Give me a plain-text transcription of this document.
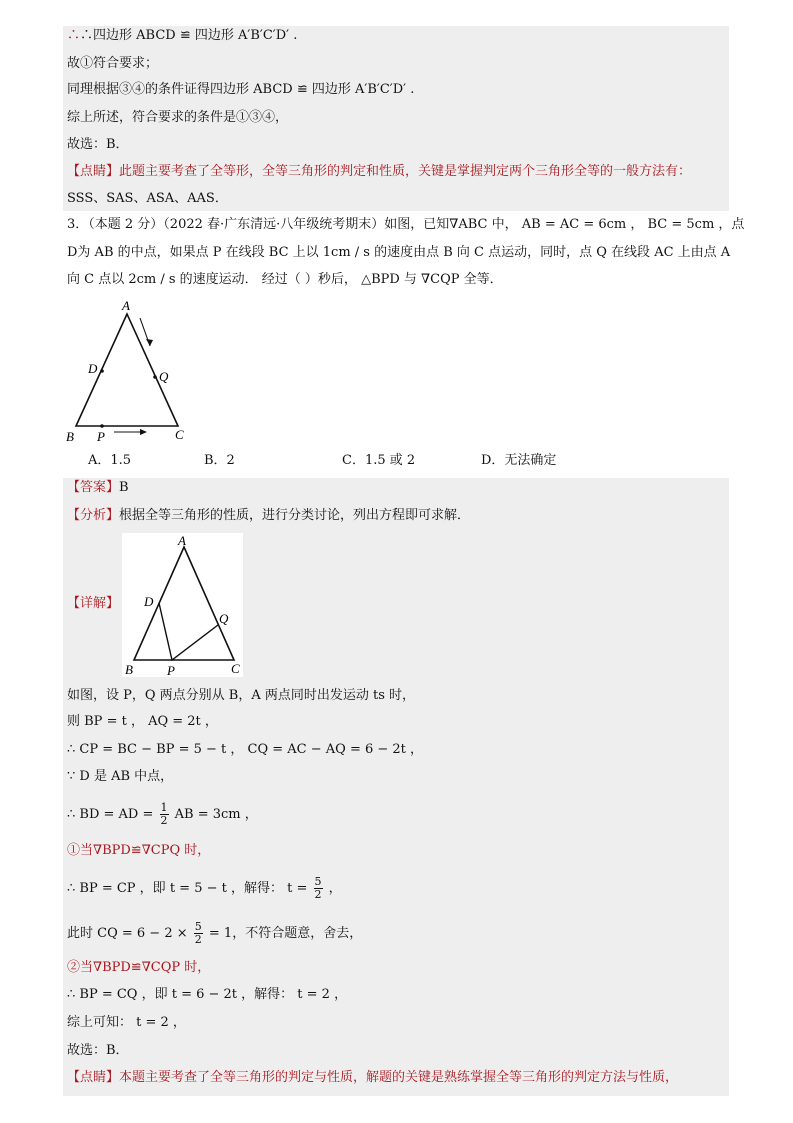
∴∴四边形 ABCD ≌ 四边形 A′B′C′D′ .
故①符合要求；
同理根据③④的条件证得四边形 ABCD ≌ 四边形 A′B′C′D′ .
综上所述，符合要求的条件是①③④，
故选：B．
【点睛】此题主要考查了全等形，全等三角形的判定和性质，关键是掌握判定两个三角形全等的一般方法有：
SSS、SAS、ASA、AAS．
3．（本题 2 分）（2022 春·广东清远·八年级统考期末）如图，已知∇ABC 中， AB = AC = 6cm ， BC = 5cm ，点
D为 AB 的中点，如果点 P 在线段 BC 上以 1cm / s 的速度由点 B 向 C 点运动，同时，点 Q 在线段 AC 上由点 A
向 C 点以 2cm / s 的速度运动． 经过（ ）秒后， △BPD 与 ∇CQP 全等．
A
D
Q
B P	C
A．1.5	B．2	C．1.5 或 2	D．无法确定
【答案】B
【分析】根据全等三角形的性质，进行分类讨论，列出方程即可求解．
【详解】
A
D
Q
B	P	C
如图，设 P，Q 两点分别从 B，A 两点同时出发运动 ts 时，
则 BP = t ， AQ = 2t ，
∴ CP = BC − BP = 5 − t ， CQ = AC − AQ = 6 − 2t ，
∵ D 是 AB 中点，
∴ BD = AD = $\frac{1}{2}$ AB = 3cm ，
①当∇BPD≌∇CPQ 时，
∴ BP = CP ，即 t = 5 − t ，解得： $t = \frac{5}{2}$ ，
此时 CQ = $6 - 2 \times \frac{5}{2} = 1$，不符合题意，舍去，
②当∇BPD≌∇CQP 时，
∴ BP = CQ ，即 t = 6 − 2t ，解得： t = 2 ，
综上可知： t = 2 ，
故选：B．
【点睛】本题主要考查了全等三角形的判定与性质，解题的关键是熟练掌握全等三角形的判定方法与性质，
